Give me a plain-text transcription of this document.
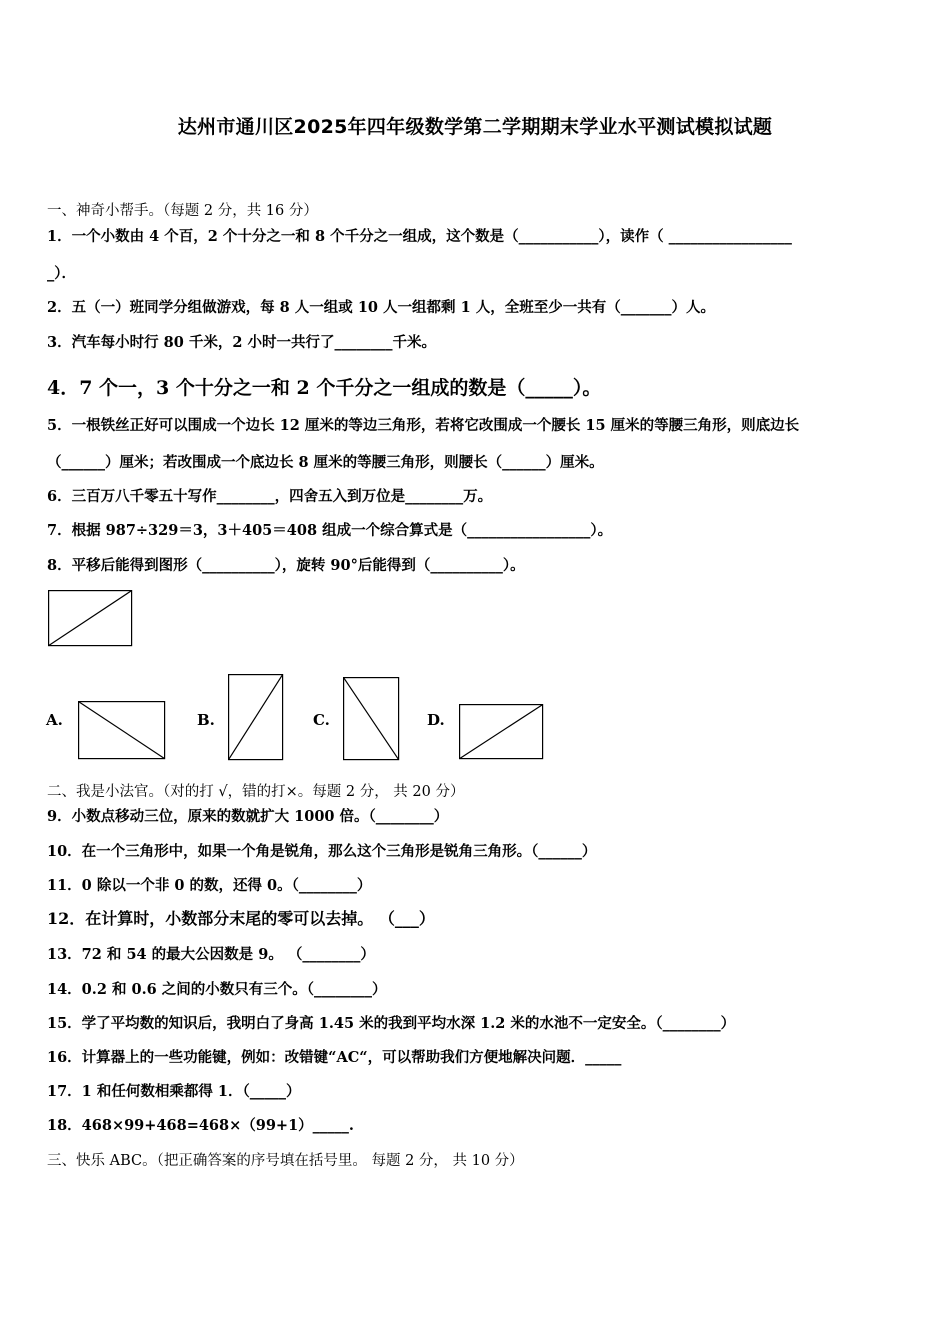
达州市通川区2025年四年级数学第二学期期末学业水平测试模拟试题
一、神奇小帮手。（每题 2 分，共 16 分）
1．一个小数由 4 个百，2 个十分之一和 8 个千分之一组成，这个数是（___________），读作（ _________________
_）．
2．五（一）班同学分组做游戏，每 8 人一组或 10 人一组都剩 1 人，全班至少一共有（_______）人。
3．汽车每小时行 80 千米，2 小时一共行了________千米。
4．7 个一，3 个十分之一和 2 个千分之一组成的数是（_____）。
5．一根铁丝正好可以围成一个边长 12 厘米的等边三角形，若将它改围成一个腰长 15 厘米的等腰三角形，则底边长
（______）厘米；若改围成一个底边长 8 厘米的等腰三角形，则腰长（______）厘米。
6．三百万八千零五十写作________，四舍五入到万位是________万。
7．根据 987÷329＝3，3＋405＝408 组成一个综合算式是（_________________）。
8．平移后能得到图形（__________），旋转 90°后能得到（__________）。
A.	B.	C.	D.
二、我是小法官。（对的打 √，错的打×。每题 2 分， 共 20 分）
9．小数点移动三位，原来的数就扩大 1000 倍。（________）
10．在一个三角形中，如果一个角是锐角，那么这个三角形是锐角三角形。（______）
11．0 除以一个非 0 的数，还得 0。（________）
12．在计算时，小数部分末尾的零可以去掉。 （___）
13．72 和 54 的最大公因数是 9。 （________）
14．0.2 和 0.6 之间的小数只有三个。（________）
15．学了平均数的知识后，我明白了身高 1.45 米的我到平均水深 1.2 米的水池不一定安全。（________）
16．计算器上的一些功能键，例如：改错键“AC“，可以帮助我们方便地解决问题．_____
17．1 和任何数相乘都得 1．（_____）
18．468×99+468=468×（99+1）_____.
三、快乐 ABC。（把正确答案的序号填在括号里。 每题 2 分， 共 10 分）
